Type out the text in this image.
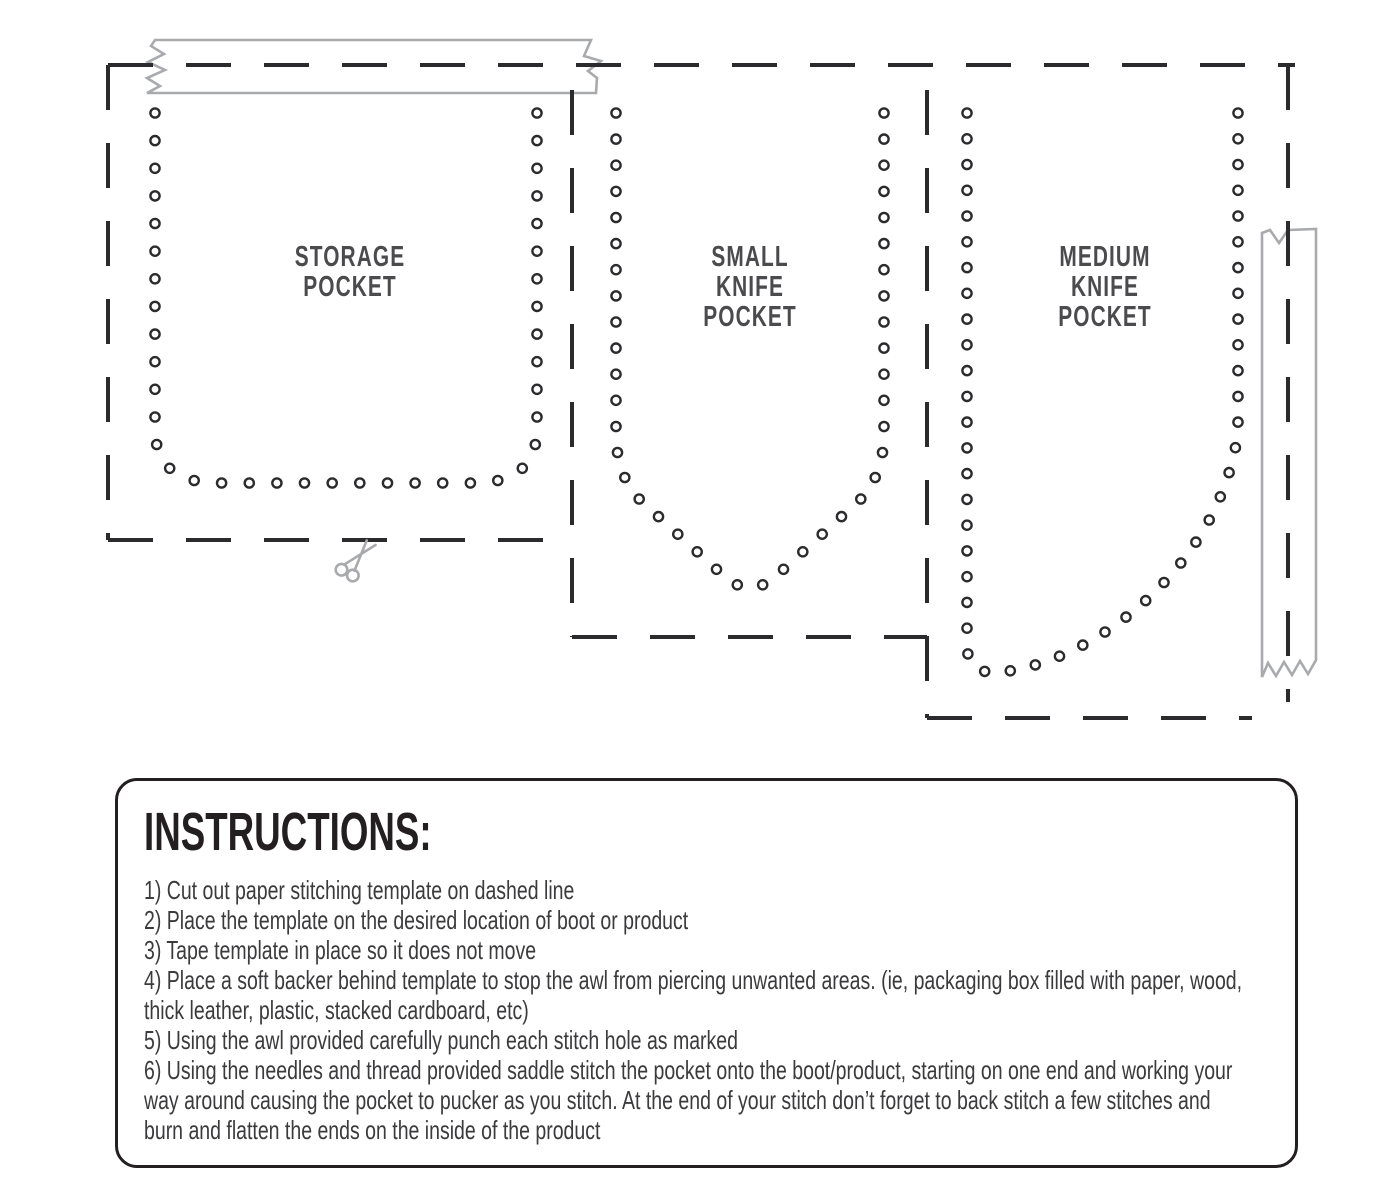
STORAGE
POCKET
SMALL
KNIFE
POCKET
MEDIUM
KNIFE
POCKET
INSTRUCTIONS:

1) Cut out paper stitching template on dashed line

2) Place the template on the desired location of boot or product

3) Tape template in place so it does not move

4) Place a soft backer behind template to stop the awl from piercing unwanted areas. (ie, packaging box filled with paper, wood,
thick leather, plastic, stacked cardboard, etc)

5) Using the awl provided carefully punch each stitch hole as marked

6) Using the needles and thread provided saddle stitch the pocket onto the boot/product, starting on one end and working your
way around causing the pocket to pucker as you stitch. At the end of your stitch don’t forget to back stitch a few stitches and
burn and flatten the ends on the inside of the product
